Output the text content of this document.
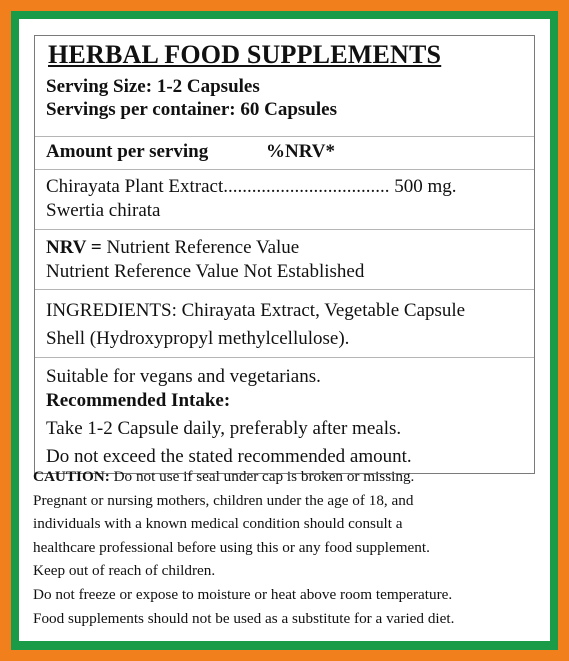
HERBAL FOOD SUPPLEMENTS
Serving Size: 1-2 Capsules
Servings per container: 60 Capsules
Amount per serving	%NRV*
Chirayata Plant Extract................................... 500 mg.
Swertia chirata
NRV = Nutrient Reference Value
Nutrient Reference Value Not Established
INGREDIENTS: Chirayata Extract, Vegetable Capsule
Shell (Hydroxypropyl methylcellulose).
Suitable for vegans and vegetarians.
Recommended Intake:
Take 1-2 Capsule daily, preferably after meals.
Do not exceed the stated recommended amount.
CAUTION: Do not use if seal under cap is broken or missing.
Pregnant or nursing mothers, children under the age of 18, and
individuals with a known medical condition should consult a
healthcare professional before using this or any food supplement.
Keep out of reach of children.
Do not freeze or expose to moisture or heat above room temperature.
Food supplements should not be used as a substitute for a varied diet.
